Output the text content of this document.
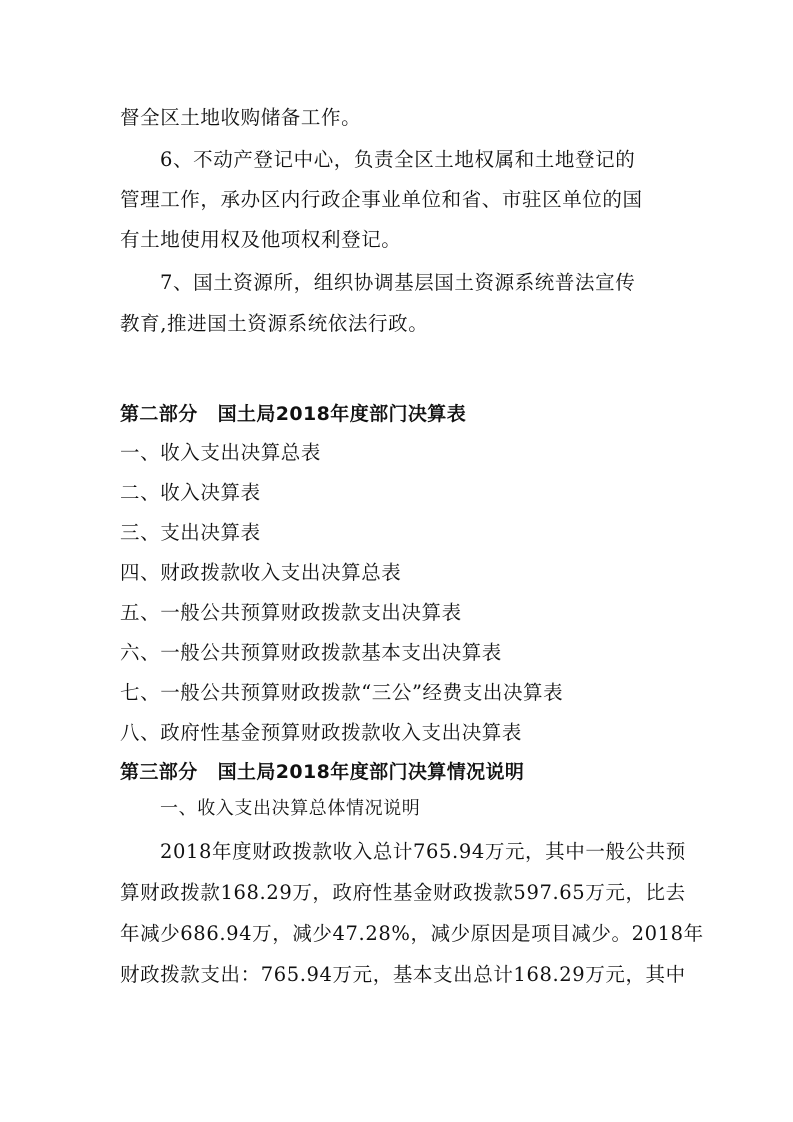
督全区土地收购储备工作。
6、不动产登记中心，负责全区土地权属和土地登记的
管理工作，承办区内行政企事业单位和省、市驻区单位的国
有土地使用权及他项权利登记。
7、国土资源所，组织协调基层国土资源系统普法宣传
教育,推进国土资源系统依法行政。
第二部分 国土局2018年度部门决算表
一、收入支出决算总表
二、收入决算表
三、支出决算表
四、财政拨款收入支出决算总表
五、一般公共预算财政拨款支出决算表
六、一般公共预算财政拨款基本支出决算表
七、一般公共预算财政拨款“三公”经费支出决算表
八、政府性基金预算财政拨款收入支出决算表
第三部分 国土局2018年度部门决算情况说明
一、收入支出决算总体情况说明
2018年度财政拨款收入总计765.94万元，其中一般公共预
算财政拨款168.29万，政府性基金财政拨款597.65万元，比去
年减少686.94万，减少47.28%，减少原因是项目减少。2018年
财政拨款支出：765.94万元，基本支出总计168.29万元，其中
